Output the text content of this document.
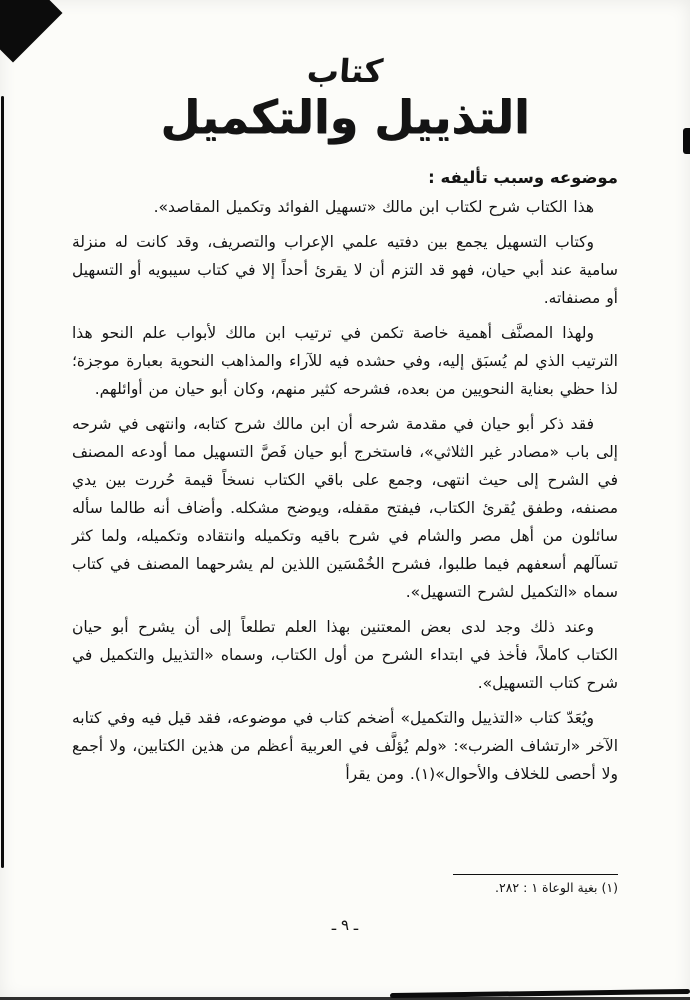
كتاب
التذييل والتكميل
موضوعه وسبب تأليفه :

هذا الكتاب شرح لكتاب ابن مالك «تسهيل الفوائد وتكميل المقاصد».

وكتاب التسهيل يجمع بين دفتيه علمي الإعراب والتصريف، وقد كانت له منزلة سامية عند أبي حيان، فهو قد التزم أن لا يقرئ أحداً إلا في كتاب سيبويه أو التسهيل أو مصنفاته.

ولهذا المصنَّف أهمية خاصة تكمن في ترتيب ابن مالك لأبواب علم النحو هذا الترتيب الذي لم يُسبَق إليه، وفي حشده فيه للآراء والمذاهب النحوية بعبارة موجزة؛ لذا حظي بعناية النحويين من بعده، فشرحه كثير منهم، وكان أبو حيان من أوائلهم.

فقد ذكر أبو حيان في مقدمة شرحه أن ابن مالك شرح كتابه، وانتهى في شرحه إلى باب «مصادر غير الثلاثي»، فاستخرج أبو حيان فَصَّ التسهيل مما أودعه المصنف في الشرح إلى حيث انتهى، وجمع على باقي الكتاب نسخاً قيمة حُررت بين يدي مصنفه، وطفق يُقرئ الكتاب، فيفتح مقفله، ويوضح مشكله. وأضاف أنه طالما سأله سائلون من أهل مصر والشام في شرح باقيه وتكميله وانتقاده وتكميله، ولما كثر تسآلهم أسعفهم فيما طلبوا، فشرح الخُمْسَين اللذين لم يشرحهما المصنف في كتاب سماه «التكميل لشرح التسهيل».

وعند ذلك وجد لدى بعض المعتنين بهذا العلم تطلعاً إلى أن يشرح أبو حيان الكتاب كاملاً، فأخذ في ابتداء الشرح من أول الكتاب، وسماه «التذييل والتكميل في شرح كتاب التسهيل».

ويُعَدّ كتاب «التذييل والتكميل» أضخم كتاب في موضوعه، فقد قيل فيه وفي كتابه الآخر «ارتشاف الضرب»: «ولم يُؤلَّف في العربية أعظم من هذين الكتابين، ولا أجمع ولا أحصى للخلاف والأحوال»(١). ومن يقرأ

(١) بغية الوعاة ١ : ٢٨٢.
ـ ٩ ـ
